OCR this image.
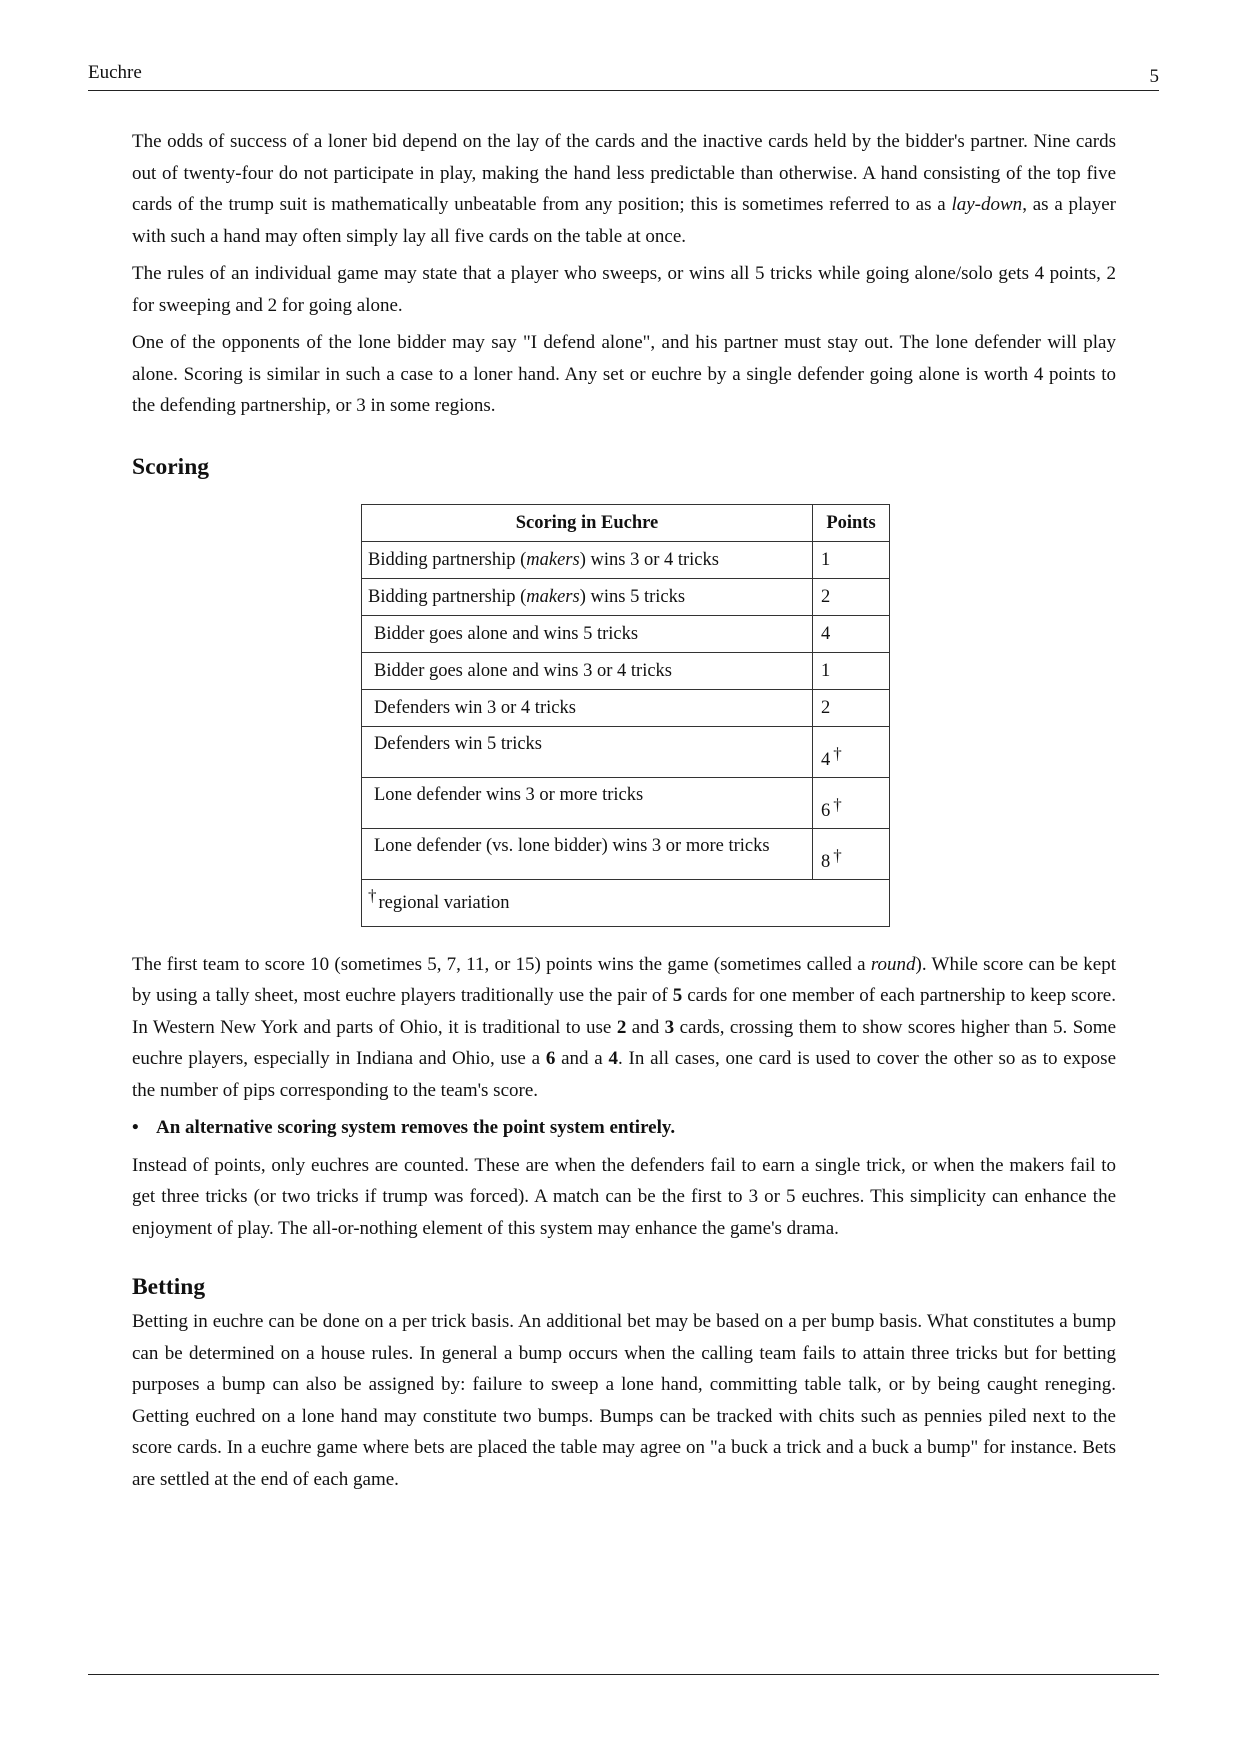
Euchre	5

The odds of success of a loner bid depend on the lay of the cards and the inactive cards held by the bidder's partner. Nine cards out of twenty-four do not participate in play, making the hand less predictable than otherwise. A hand consisting of the top five cards of the trump suit is mathematically unbeatable from any position; this is sometimes referred to as a lay-down, as a player with such a hand may often simply lay all five cards on the table at once.

The rules of an individual game may state that a player who sweeps, or wins all 5 tricks while going alone/solo gets 4 points, 2 for sweeping and 2 for going alone.

One of the opponents of the lone bidder may say "I defend alone", and his partner must stay out. The lone defender will play alone. Scoring is similar in such a case to a loner hand. Any set or euchre by a single defender going alone is worth 4 points to the defending partnership, or 3 in some regions.

Scoring
Scoring in Euchre	Points
Bidding partnership (makers) wins 3 or 4 tricks	1
Bidding partnership (makers) wins 5 tricks	2
Bidder goes alone and wins 5 tricks	4
Bidder goes alone and wins 3 or 4 tricks	1
Defenders win 3 or 4 tricks	2
Defenders win 5 tricks	4 †
Lone defender wins 3 or more tricks	6 †
Lone defender (vs. lone bidder) wins 3 or more tricks	8 †
† regional variation	

The first team to score 10 (sometimes 5, 7, 11, or 15) points wins the game (sometimes called a round). While score can be kept by using a tally sheet, most euchre players traditionally use the pair of 5 cards for one member of each partnership to keep score. In Western New York and parts of Ohio, it is traditional to use 2 and 3 cards, crossing them to show scores higher than 5. Some euchre players, especially in Indiana and Ohio, use a 6 and a 4. In all cases, one card is used to cover the other so as to expose the number of pips corresponding to the team's score.

• An alternative scoring system removes the point system entirely.

Instead of points, only euchres are counted. These are when the defenders fail to earn a single trick, or when the makers fail to get three tricks (or two tricks if trump was forced). A match can be the first to 3 or 5 euchres. This simplicity can enhance the enjoyment of play. The all-or-nothing element of this system may enhance the game's drama.

Betting

Betting in euchre can be done on a per trick basis. An additional bet may be based on a per bump basis. What constitutes a bump can be determined on a house rules. In general a bump occurs when the calling team fails to attain three tricks but for betting purposes a bump can also be assigned by: failure to sweep a lone hand, committing table talk, or by being caught reneging. Getting euchred on a lone hand may constitute two bumps. Bumps can be tracked with chits such as pennies piled next to the score cards. In a euchre game where bets are placed the table may agree on "a buck a trick and a buck a bump" for instance. Bets are settled at the end of each game.
